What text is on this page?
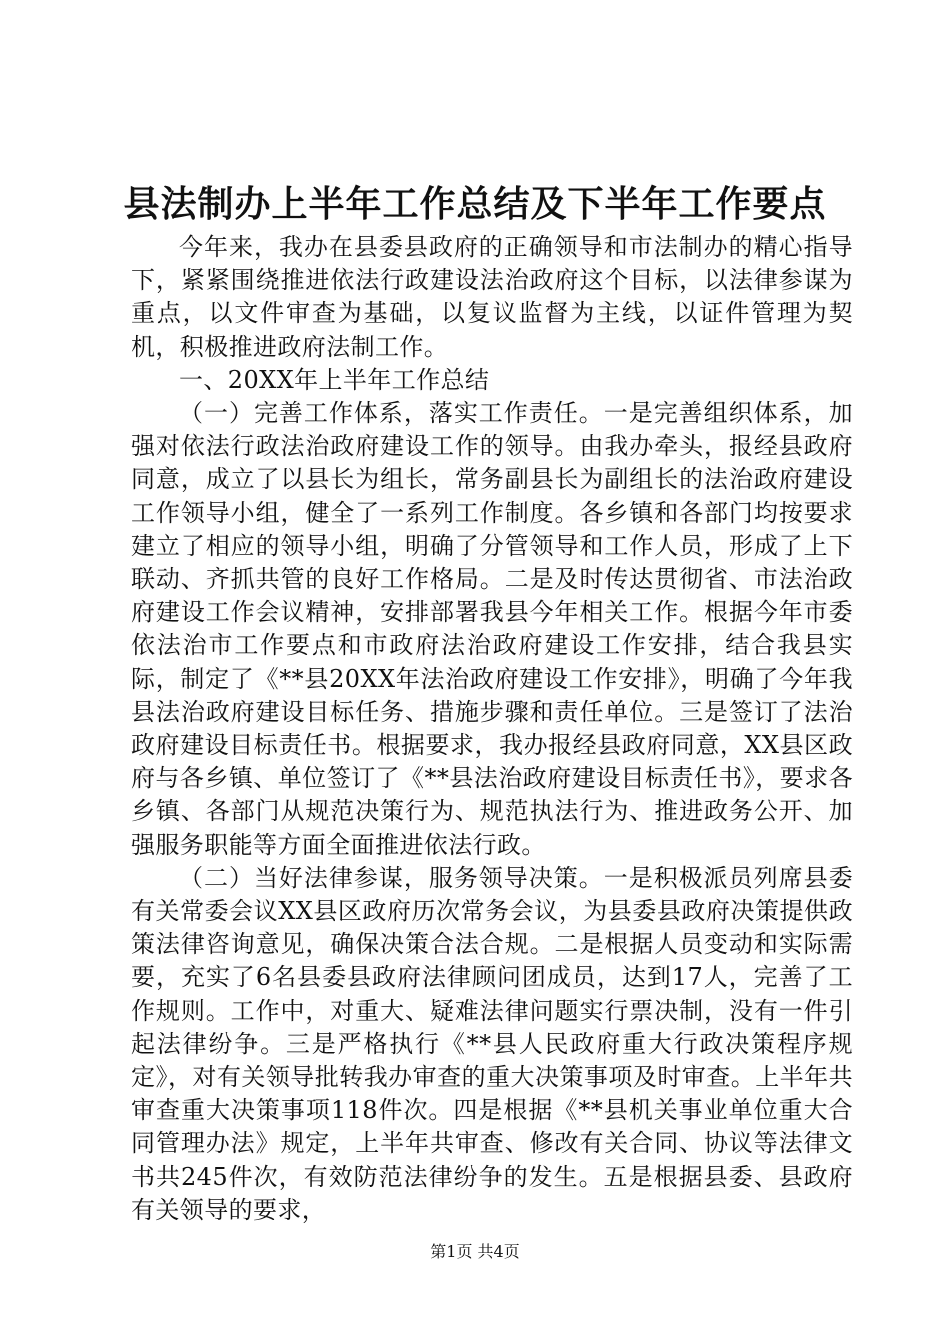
县法制办上半年工作总结及下半年工作要点

今年来，我办在县委县政府的正确领导和市法制办的精心指导下，紧紧围绕推进依法行政建设法治政府这个目标，以法律参谋为重点，以文件审查为基础，以复议监督为主线，以证件管理为契机，积极推进政府法制工作。

一、20XX年上半年工作总结

（一）完善工作体系，落实工作责任。一是完善组织体系，加强对依法行政法治政府建设工作的领导。由我办牵头，报经县政府同意，成立了以县长为组长，常务副县长为副组长的法治政府建设工作领导小组，健全了一系列工作制度。各乡镇和各部门均按要求建立了相应的领导小组，明确了分管领导和工作人员，形成了上下联动、齐抓共管的良好工作格局。二是及时传达贯彻省、市法治政府建设工作会议精神，安排部署我县今年相关工作。根据今年市委依法治市工作要点和市政府法治政府建设工作安排，结合我县实际，制定了《**县20XX年法治政府建设工作安排》，明确了今年我县法治政府建设目标任务、措施步骤和责任单位。三是签订了法治政府建设目标责任书。根据要求，我办报经县政府同意，XX县区政府与各乡镇、单位签订了《**县法治政府建设目标责任书》，要求各乡镇、各部门从规范决策行为、规范执法行为、推进政务公开、加强服务职能等方面全面推进依法行政。

（二）当好法律参谋，服务领导决策。一是积极派员列席县委有关常委会议XX县区政府历次常务会议，为县委县政府决策提供政策法律咨询意见，确保决策合法合规。二是根据人员变动和实际需要，充实了6名县委县政府法律顾问团成员，达到17人，完善了工作规则。工作中，对重大、疑难法律问题实行票决制，没有一件引起法律纷争。三是严格执行《**县人民政府重大行政决策程序规定》，对有关领导批转我办审查的重大决策事项及时审查。上半年共审查重大决策事项118件次。四是根据《**县机关事业单位重大合同管理办法》规定，上半年共审查、修改有关合同、协议等法律文书共245件次，有效防范法律纷争的发生。五是根据县委、县政府有关领导的要求，

第1页 共4页
